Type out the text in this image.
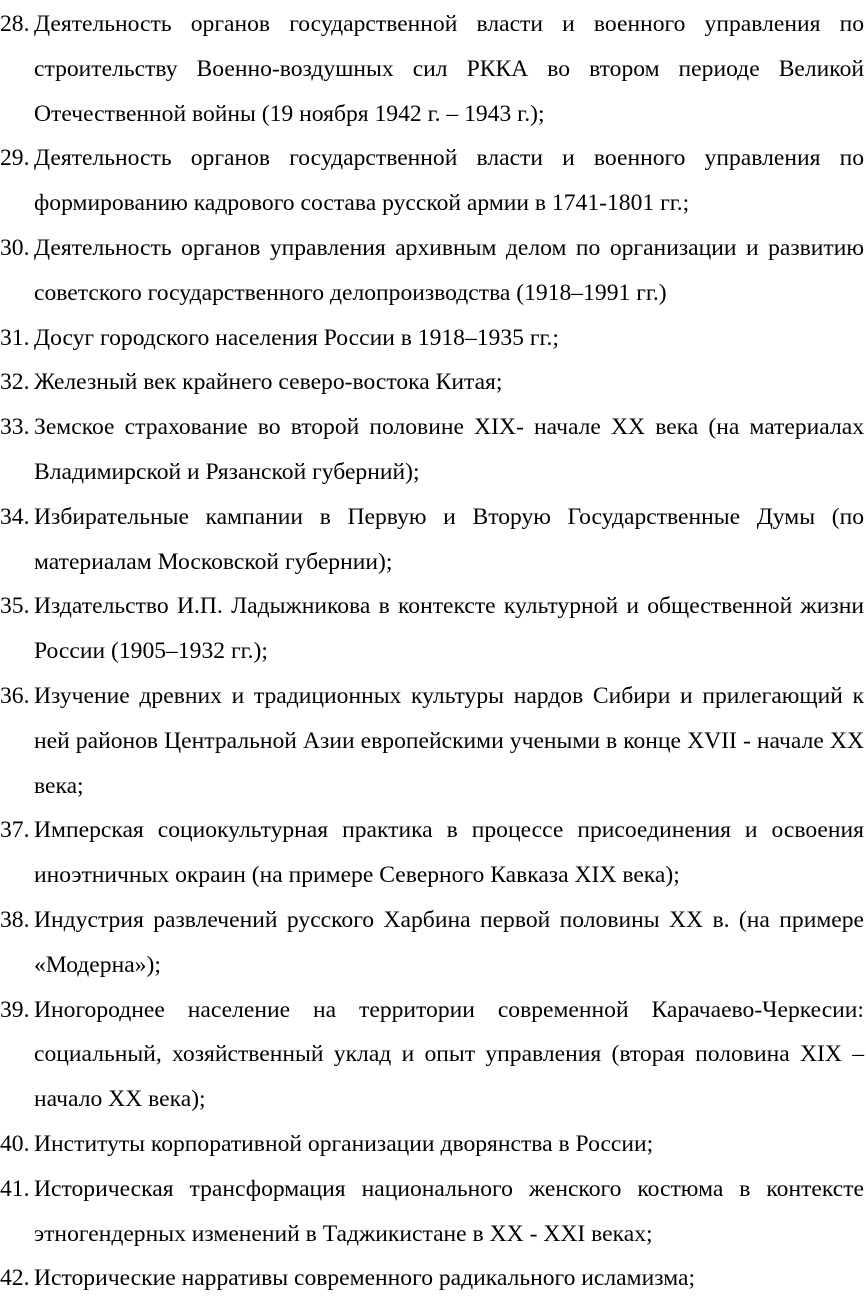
28. Деятельность органов государственной власти и военного управления по строительству Военно-воздушных сил РККА во втором периоде Великой Отечественной войны (19 ноября 1942 г. – 1943 г.);
29. Деятельность органов государственной власти и военного управления по формированию кадрового состава русской армии в 1741-1801 гг.;
30. Деятельность органов управления архивным делом по организации и развитию советского государственного делопроизводства (1918–1991 гг.)
31. Досуг городского населения России в 1918–1935 гг.;
32. Железный век крайнего северо-востока Китая;
33. Земское страхование во второй половине XIX- начале XX века (на материалах Владимирской и Рязанской губерний);
34. Избирательные кампании в Первую и Вторую Государственные Думы (по материалам Московской губернии);
35. Издательство И.П. Ладыжникова в контексте культурной и общественной жизни России (1905–1932 гг.);
36. Изучение древних и традиционных культуры нардов Сибири и прилегающий к ней районов Центральной Азии европейскими учеными в конце XVII - начале XX века;
37. Имперская социокультурная практика в процессе присоединения и освоения иноэтничных окраин (на примере Северного Кавказа XIX века);
38. Индустрия развлечений русского Харбина первой половины XX в. (на примере «Модерна»);
39. Иногороднее население на территории современной Карачаево-Черкесии: социальный, хозяйственный уклад и опыт управления (вторая половина XIX – начало XX века);
40. Институты корпоративной организации дворянства в России;
41. Историческая трансформация национального женского костюма в контексте этногендерных изменений в Таджикистане в XX - XXI веках;
42. Исторические нарративы современного радикального исламизма;
